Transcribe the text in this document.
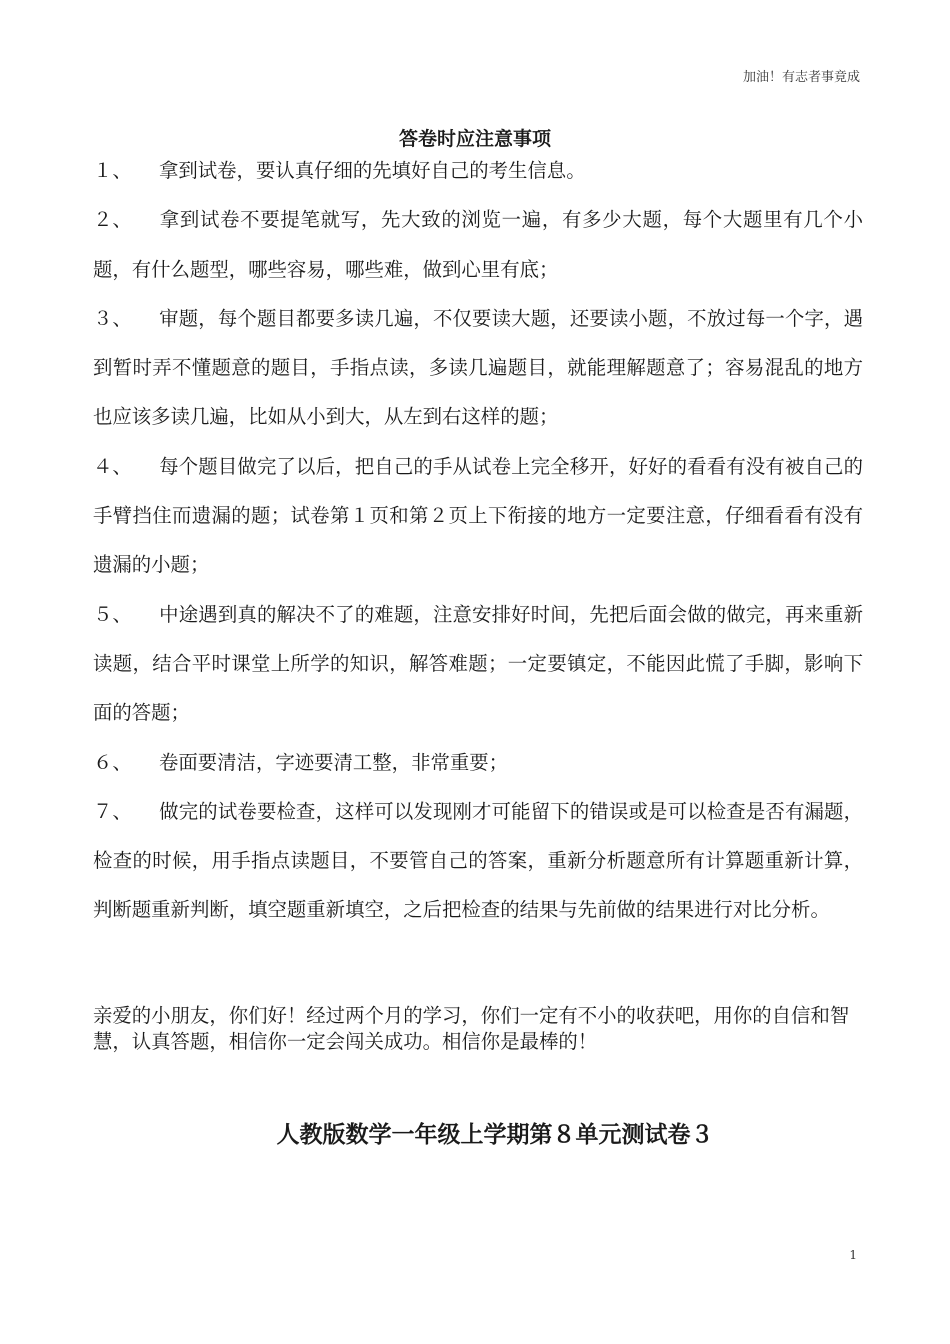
加油！有志者事竟成
答卷时应注意事项

１、 拿到试卷，要认真仔细的先填好自己的考生信息。

２、 拿到试卷不要提笔就写，先大致的浏览一遍，有多少大题，每个大题里有几个小题，有什么题型，哪些容易，哪些难，做到心里有底；

３、 审题，每个题目都要多读几遍，不仅要读大题，还要读小题，不放过每一个字，遇到暂时弄不懂题意的题目，手指点读，多读几遍题目，就能理解题意了；容易混乱的地方也应该多读几遍，比如从小到大，从左到右这样的题；

４、 每个题目做完了以后，把自己的手从试卷上完全移开，好好的看看有没有被自己的手臂挡住而遗漏的题；试卷第１页和第２页上下衔接的地方一定要注意，仔细看看有没有遗漏的小题；

５、 中途遇到真的解决不了的难题，注意安排好时间，先把后面会做的做完，再来重新读题，结合平时课堂上所学的知识，解答难题；一定要镇定，不能因此慌了手脚，影响下面的答题；

６、 卷面要清洁，字迹要清工整，非常重要；

７、 做完的试卷要检查，这样可以发现刚才可能留下的错误或是可以检查是否有漏题，检查的时候，用手指点读题目，不要管自己的答案，重新分析题意所有计算题重新计算，判断题重新判断，填空题重新填空，之后把检查的结果与先前做的结果进行对比分析。

亲爱的小朋友，你们好！经过两个月的学习，你们一定有不小的收获吧，用你的自信和智慧，认真答题，相信你一定会闯关成功。相信你是最棒的！
人教版数学一年级上学期第８单元测试卷３
1
